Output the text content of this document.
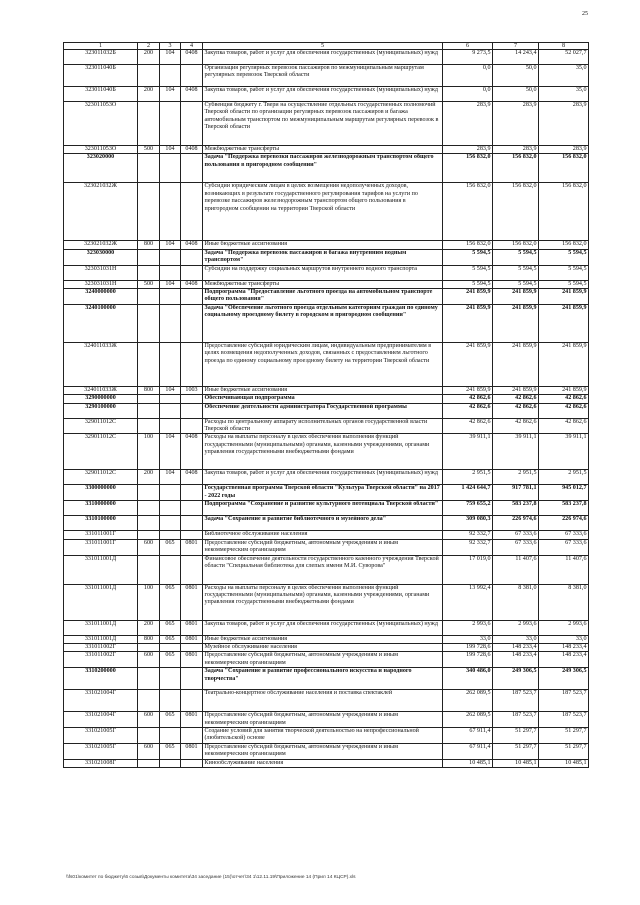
25
1	2	3	4	5	6	7	8
323011032Б	200	104	0408	Закупка товаров, работ и услуг для обеспечения государственных (муниципальных) нужд	9 273,5	14 243,4	52 027,7
323011040Б				Организация регулярных перевозок пассажиров по межмуниципальным маршрутам регулярных перевозок Тверской области	0,0	50,0	35,0
323011040Б	200	104	0408	Закупка товаров, работ и услуг для обеспечения государственных (муниципальных) нужд	0,0	50,0	35,0
323011053О				Субвенция бюджету г. Твери на осуществление отдельных государственных полномочий Тверской области по организации регулярных перевозок пассажиров и багажа автомобильным транспортом по межмуниципальным маршрутам регулярных перевозок в Тверской области	283,9	283,9	283,9
323011053О	500	104	0408	Межбюджетные трансферты	283,9	283,9	283,9
323020000				Задача "Поддержка перевозки пассажиров железнодорожным транспортом общего пользования в пригородном сообщении"	156 832,0	156 832,0	156 832,0
323021032Ж				Субсидии юридическим лицам в целях возмещения недополученных доходов, возникающих в результате государственного регулирования тарифов на услуги по перевозке пассажиров железнодорожным транспортом общего пользования в пригородном сообщении на территории Тверской области	156 832,0	156 832,0	156 832,0
323021032Ж	800	104	0408	Иные бюджетные ассигнования	156 832,0	156 832,0	156 832,0
323030000				Задача "Поддержка перевозок пассажиров и багажа внутренним водным транспортом"	5 594,5	5 594,5	5 594,5
323031031Н				Субсидии на поддержку социальных маршрутов внутреннего водного транспорта	5 594,5	5 594,5	5 594,5
323031031Н	500	104	0408	Межбюджетные трансферты	5 594,5	5 594,5	5 594,5
3240000000				Подпрограмма "Предоставление льготного проезда на автомобильном транспорте общего пользования"	241 859,9	241 859,9	241 859,9
3240100000				Задача "Обеспечение льготного проезда отдельным категориям граждан по единому социальному проездному билету в городском и пригородном сообщении"	241 859,9	241 859,9	241 859,9
324011033Ж				Предоставление субсидий юридическим лицам, индивидуальным предпринимателям в целях возмещения недополученных доходов, связанных с предоставлением льготного проезда по единому социальному проездному билету на территории Тверской области	241 859,9	241 859,9	241 859,9
324011033Ж	800	104	1003	Иные бюджетные ассигнования	241 859,9	241 859,9	241 859,9
3290000000				Обеспечивающая подпрограмма	42 862,6	42 862,6	42 862,6
3290100000				Обеспечение деятельности администратора Государственной программы	42 862,6	42 862,6	42 862,6
329011012С				Расходы по центральному аппарату исполнительных органов государственной власти Тверской области	42 862,6	42 862,6	42 862,6
329011012С	100	104	0408	Расходы на выплаты персоналу в целях обеспечения выполнения функций государственными (муниципальными) органами, казенными учреждениями, органами управления государственными внебюджетными фондами	39 911,1	39 911,1	39 911,1
329011012С	200	104	0408	Закупка товаров, работ и услуг для обеспечения государственных (муниципальных) нужд	2 951,5	2 951,5	2 951,5
3300000000				Государственная программа Тверской области "Культура Тверской области" на 2017 - 2022 годы	1 424 644,7	917 781,1	945 012,7
3310000000				Подпрограмма "Сохранение и развитие культурного потенциала Тверской области"	759 655,2	583 237,8	583 237,8
3310100000				Задача "Сохранение и развитие библиотечного и музейного дела"	309 080,3	226 974,6	226 974,6
331011001Г				Библиотечное обслуживание населения	92 332,7	67 333,6	67 333,6
331011001Г	600	065	0801	Предоставление субсидий бюджетным, автономным учреждениям и иным некоммерческим организациям	92 332,7	67 333,6	67 333,6
331011001Д				Финансовое обеспечение деятельности государственного казенного учреждения Тверской области "Специальная библиотека для слепых имени М.И. Суворова"	17 019,0	11 407,6	11 407,6
331011001Д	100	065	0801	Расходы на выплаты персоналу в целях обеспечения выполнения функций государственными (муниципальными) органами, казенными учреждениями, органами управления государственными внебюджетными фондами	13 992,4	8 381,0	8 381,0
331011001Д	200	065	0801	Закупка товаров, работ и услуг для обеспечения государственных (муниципальных) нужд	2 993,6	2 993,6	2 993,6
331011001Д	800	065	0801	Иные бюджетные ассигнования	33,0	33,0	33,0
331011002Г				Музейное обслуживание населения	199 728,6	148 233,4	148 233,4
331011002Г	600	065	0801	Предоставление субсидий бюджетным, автономным учреждениям и иным некоммерческим организациям	199 728,6	148 233,4	148 233,4
3310200000				Задача "Сохранение и развитие профессионального искусства и народного творчества"	340 486,0	249 306,5	249 306,5
331021004Г				Театрально-концертное обслуживание населения и поставка спектаклей	262 089,5	187 523,7	187 523,7
331021004Г	600	065	0801	Предоставление субсидий бюджетным, автономным учреждениям и иным некоммерческим организациям	262 089,5	187 523,7	187 523,7
331021005Г				Создание условий для занятия творческой деятельностью на непрофессиональной (любительской) основе	67 911,4	51 297,7	51 297,7
331021005Г	600	065	0801	Предоставление субсидий бюджетным, автономным учреждениям и иным некоммерческим организациям	67 911,4	51 297,7	51 297,7
331021008Г				Кинообслуживание населения	10 485,1	10 485,1	10 485,1
\\fs01\комитет по бюджету\6 созыв\Документы комитета\34 заседание (15)\отчет\34 1\12.11.19\Приложение 14 (Прил 14 КЦСР).xls
